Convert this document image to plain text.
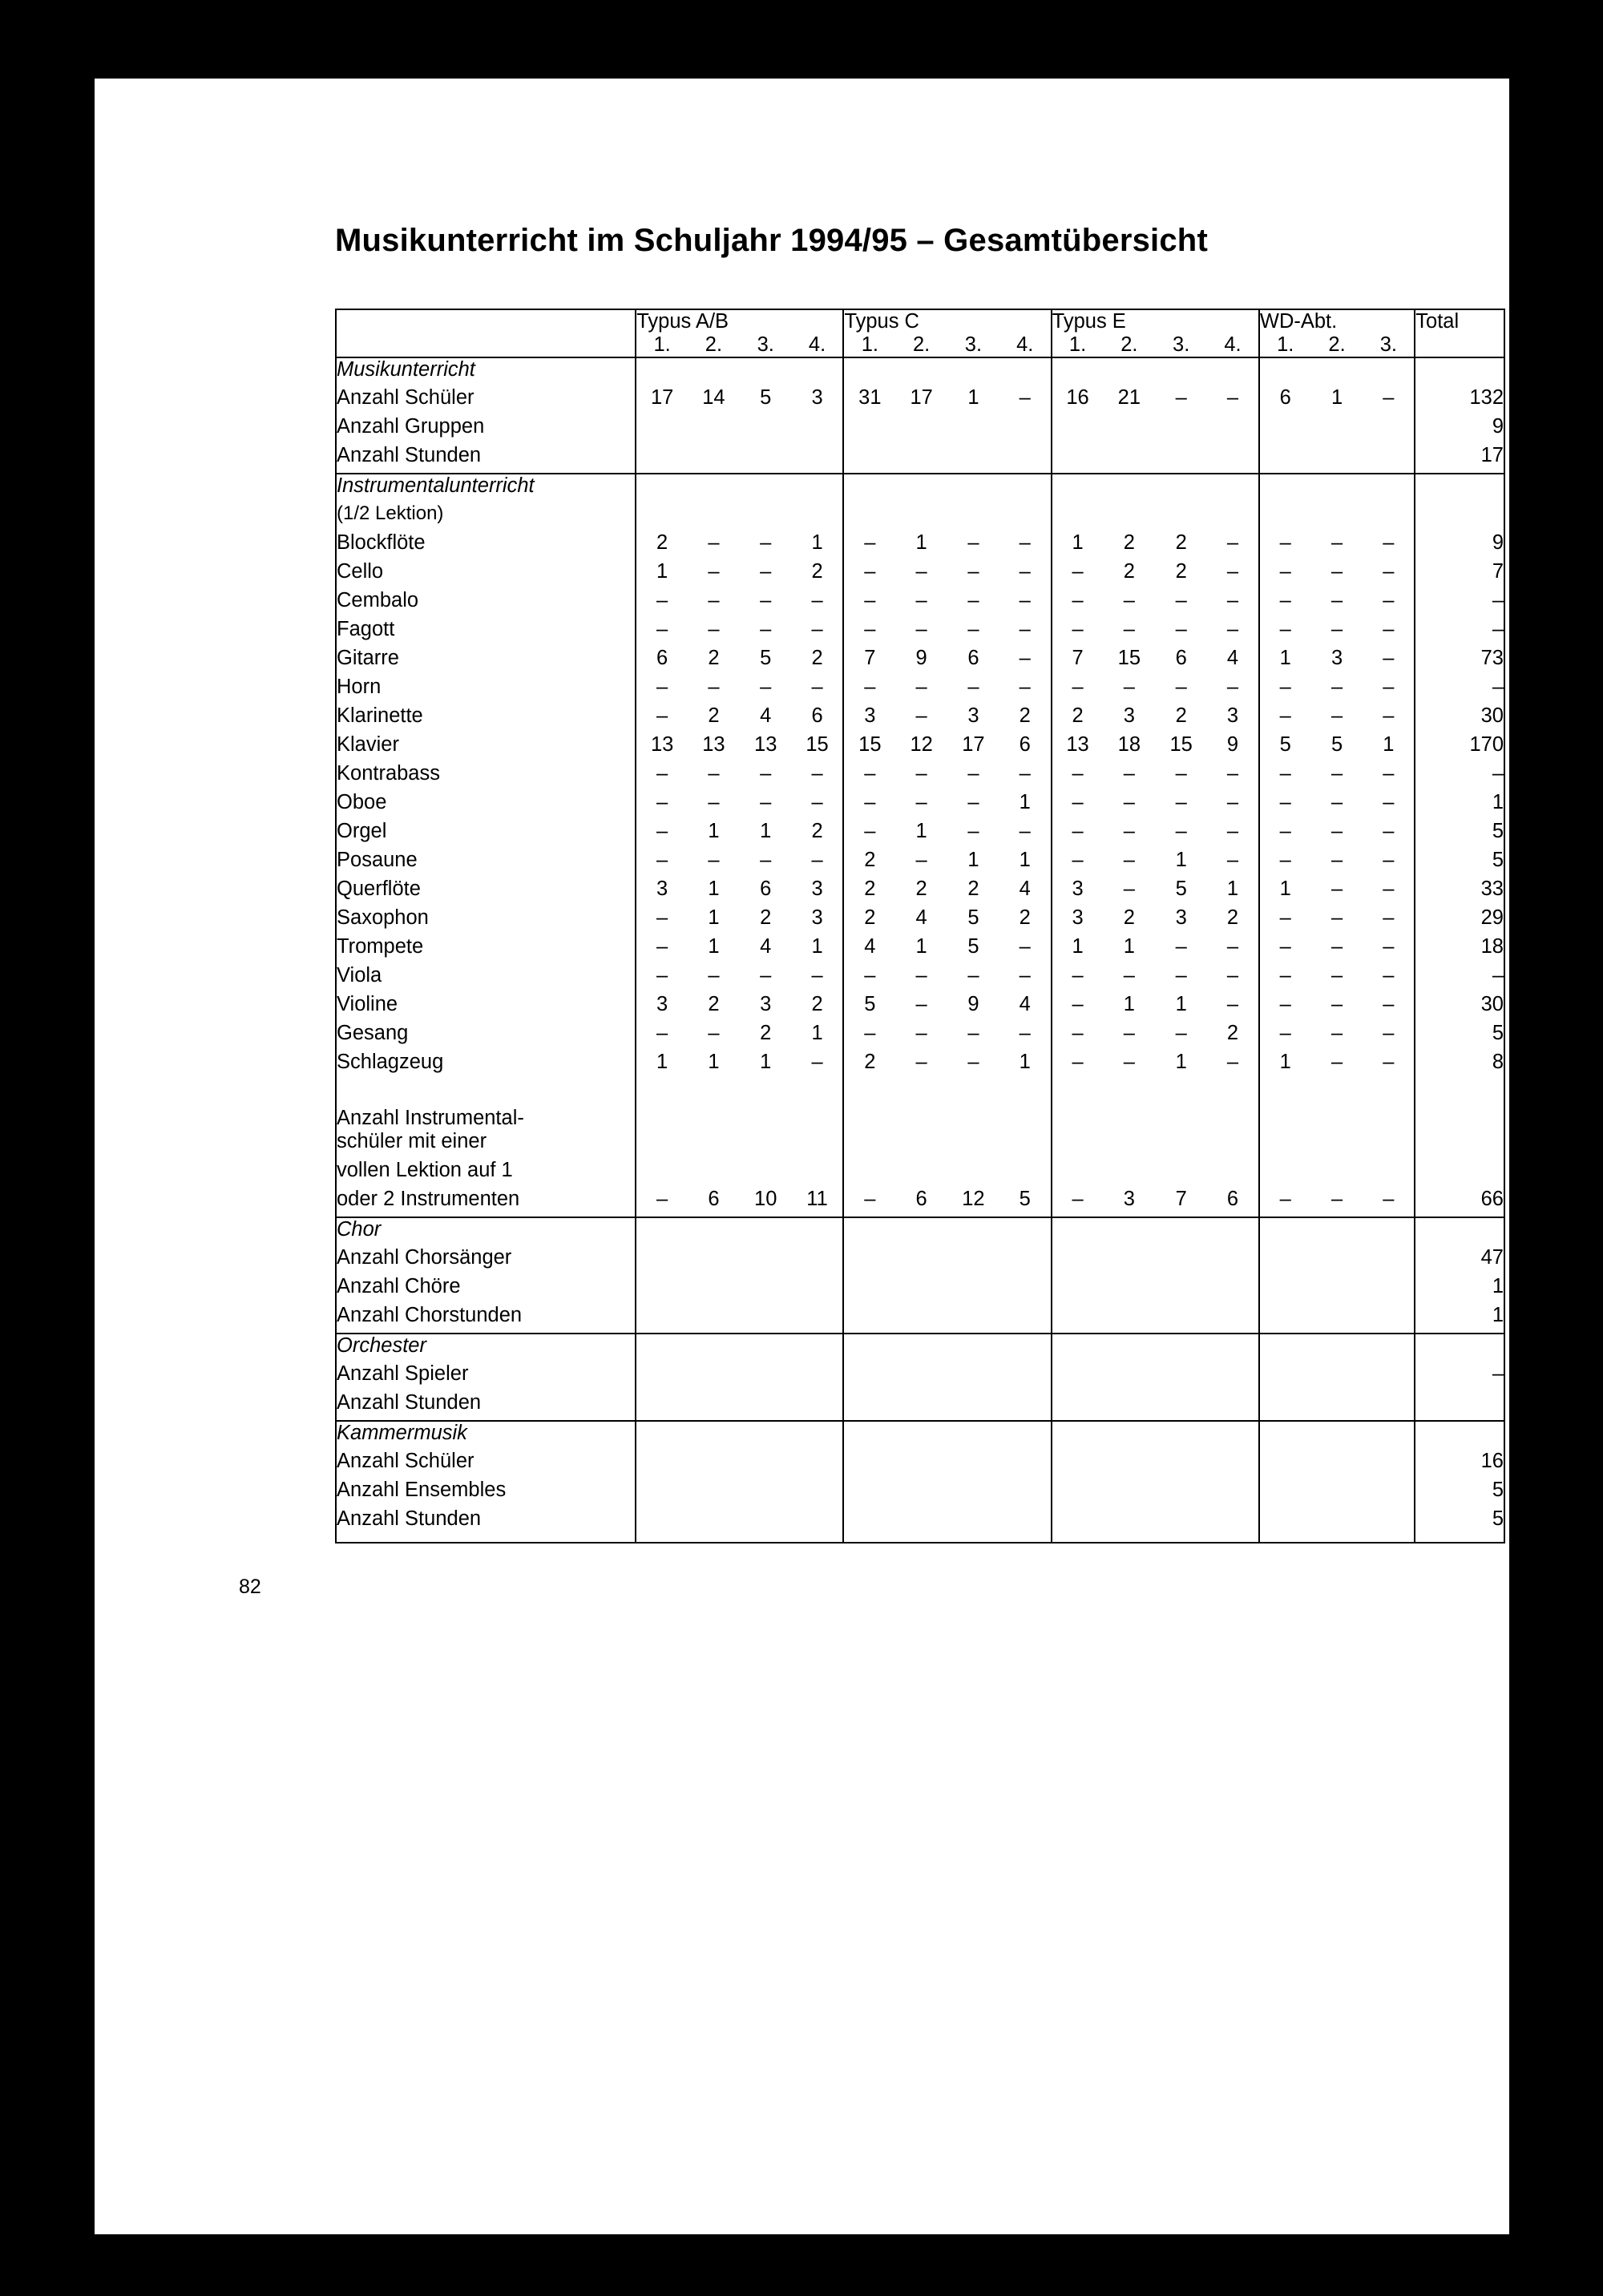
Musikunterricht im Schuljahr 1994/95 – Gesamtübersicht
	Typus A/B				Typus C				Typus E				WD-Abt.			Total
	1.	2.	3.	4.	1.	2.	3.	4.	1.	2.	3.	4.	1.	2.	3.	
Musikunterricht																
Anzahl Schüler	17	14	5	3	31	17	1	–	16	21	–	–	6	1	–	132
Anzahl Gruppen																9
Anzahl Stunden																17

Instrumentalunterricht																
(1/2 Lektion)																
Blockflöte	2	–	–	1	–	1	–	–	1	2	2	–	–	–	–	9
Cello	1	–	–	2	–	–	–	–	–	2	2	–	–	–	–	7
Cembalo	–	–	–	–	–	–	–	–	–	–	–	–	–	–	–	–
Fagott	–	–	–	–	–	–	–	–	–	–	–	–	–	–	–	–
Gitarre	6	2	5	2	7	9	6	–	7	15	6	4	1	3	–	73
Horn	–	–	–	–	–	–	–	–	–	–	–	–	–	–	–	–
Klarinette	–	2	4	6	3	–	3	2	2	3	2	3	–	–	–	30
Klavier	13	13	13	15	15	12	17	6	13	18	15	9	5	5	1	170
Kontrabass	–	–	–	–	–	–	–	–	–	–	–	–	–	–	–	–
Oboe	–	–	–	–	–	–	–	1	–	–	–	–	–	–	–	1
Orgel	–	1	1	2	–	1	–	–	–	–	–	–	–	–	–	5
Posaune	–	–	–	–	2	–	1	1	–	–	1	–	–	–	–	5
Querflöte	3	1	6	3	2	2	2	4	3	–	5	1	1	–	–	33
Saxophon	–	1	2	3	2	4	5	2	3	2	3	2	–	–	–	29
Trompete	–	1	4	1	4	1	5	–	1	1	–	–	–	–	–	18
Viola	–	–	–	–	–	–	–	–	–	–	–	–	–	–	–	–
Violine	3	2	3	2	5	–	9	4	–	1	1	–	–	–	–	30
Gesang	–	–	2	1	–	–	–	–	–	–	–	2	–	–	–	5
Schlagzeug	1	1	1	–	2	–	–	1	–	–	1	–	1	–	–	8
Anzahl Instrumental-																
schüler mit einer																
vollen Lektion auf 1																
oder 2 Instrumenten	–	6	10	11	–	6	12	5	–	3	7	6	–	–	–	66

Chor																
Anzahl Chorsänger																47
Anzahl Chöre																1
Anzahl Chorstunden																1

Orchester																
Anzahl Spieler																–
Anzahl Stunden																

Kammermusik																
Anzahl Schüler																16
Anzahl Ensembles																5
Anzahl Stunden																5
82
